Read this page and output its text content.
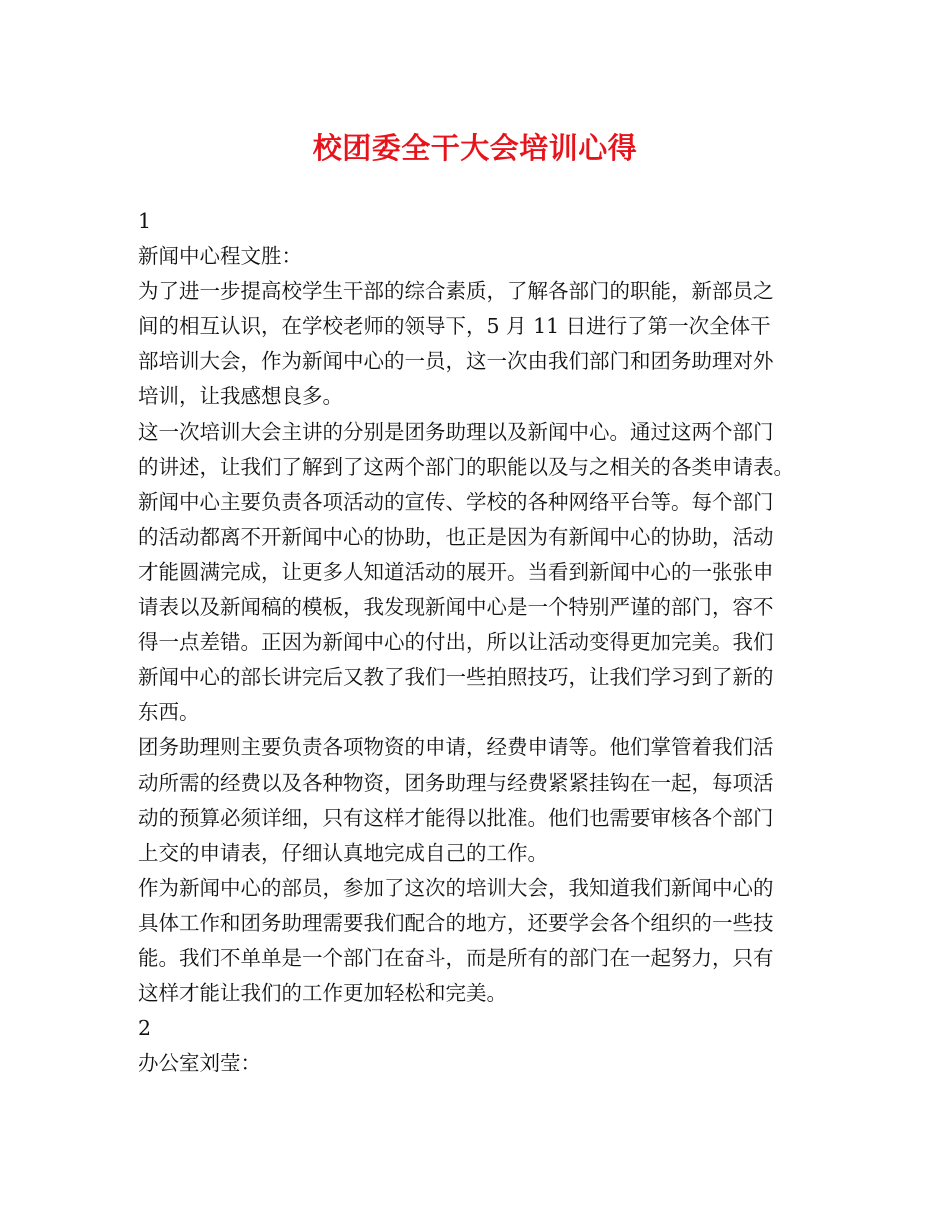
校团委全干大会培训心得
1
新闻中心程文胜：
为了进一步提高校学生干部的综合素质，了解各部门的职能，新部员之
间的相互认识，在学校老师的领导下，5 月 11 日进行了第一次全体干
部培训大会，作为新闻中心的一员，这一次由我们部门和团务助理对外
培训，让我感想良多。
这一次培训大会主讲的分别是团务助理以及新闻中心。通过这两个部门
的讲述，让我们了解到了这两个部门的职能以及与之相关的各类申请表。
新闻中心主要负责各项活动的宣传、学校的各种网络平台等。每个部门
的活动都离不开新闻中心的协助，也正是因为有新闻中心的协助，活动
才能圆满完成，让更多人知道活动的展开。当看到新闻中心的一张张申
请表以及新闻稿的模板，我发现新闻中心是一个特别严谨的部门，容不
得一点差错。正因为新闻中心的付出，所以让活动变得更加完美。我们
新闻中心的部长讲完后又教了我们一些拍照技巧，让我们学习到了新的
东西。
团务助理则主要负责各项物资的申请，经费申请等。他们掌管着我们活
动所需的经费以及各种物资，团务助理与经费紧紧挂钩在一起，每项活
动的预算必须详细，只有这样才能得以批准。他们也需要审核各个部门
上交的申请表，仔细认真地完成自己的工作。
作为新闻中心的部员，参加了这次的培训大会，我知道我们新闻中心的
具体工作和团务助理需要我们配合的地方，还要学会各个组织的一些技
能。我们不单单是一个部门在奋斗，而是所有的部门在一起努力，只有
这样才能让我们的工作更加轻松和完美。
2
办公室刘莹：
